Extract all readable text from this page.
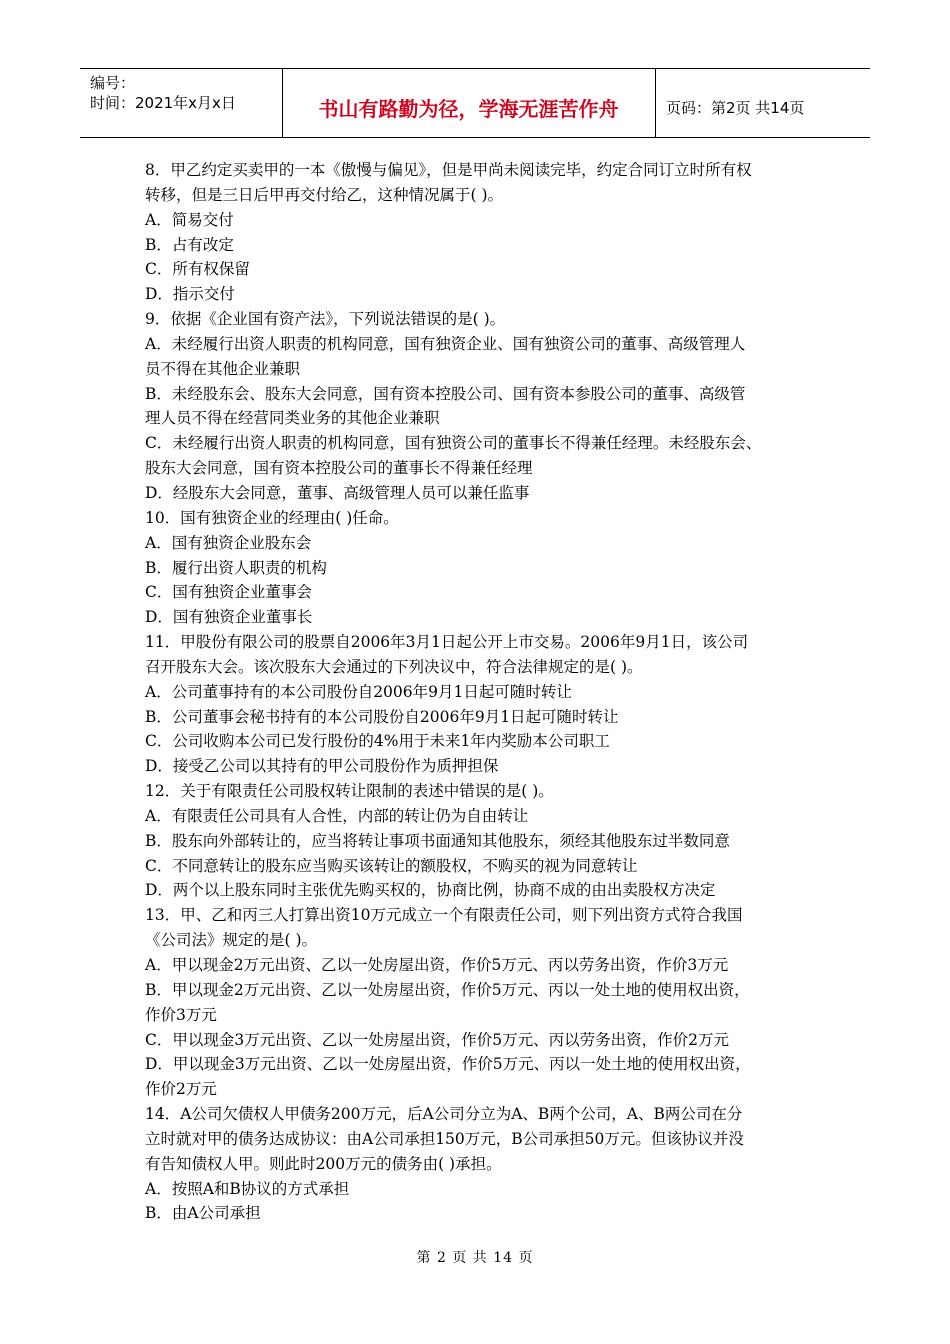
编号：
时间：2021年x月x日	书山有路勤为径，学海无涯苦作舟	页码：第2页 共14页
8．甲乙约定买卖甲的一本《傲慢与偏见》，但是甲尚未阅读完毕，约定合同订立时所有权
转移，但是三日后甲再交付给乙，这种情况属于( )。
A．简易交付
B．占有改定
C．所有权保留
D．指示交付
9．依据《企业国有资产法》，下列说法错误的是( )。
A．未经履行出资人职责的机构同意，国有独资企业、国有独资公司的董事、高级管理人
员不得在其他企业兼职
B．未经股东会、股东大会同意，国有资本控股公司、国有资本参股公司的董事、高级管
理人员不得在经营同类业务的其他企业兼职
C．未经履行出资人职责的机构同意，国有独资公司的董事长不得兼任经理。未经股东会、
股东大会同意，国有资本控股公司的董事长不得兼任经理
D．经股东大会同意，董事、高级管理人员可以兼任监事
10．国有独资企业的经理由( )任命。
A．国有独资企业股东会
B．履行出资人职责的机构
C．国有独资企业董事会
D．国有独资企业董事长
11．甲股份有限公司的股票自2006年3月1日起公开上市交易。2006年9月1日，该公司
召开股东大会。该次股东大会通过的下列决议中，符合法律规定的是( )。
A．公司董事持有的本公司股份自2006年9月1日起可随时转让
B．公司董事会秘书持有的本公司股份自2006年9月1日起可随时转让
C．公司收购本公司已发行股份的4%用于未来1年内奖励本公司职工
D．接受乙公司以其持有的甲公司股份作为质押担保
12．关于有限责任公司股权转让限制的表述中错误的是( )。
A．有限责任公司具有人合性，内部的转让仍为自由转让
B．股东向外部转让的，应当将转让事项书面通知其他股东，须经其他股东过半数同意
C．不同意转让的股东应当购买该转让的额股权，不购买的视为同意转让
D．两个以上股东同时主张优先购买权的，协商比例，协商不成的由出卖股权方决定
13．甲、乙和丙三人打算出资10万元成立一个有限责任公司，则下列出资方式符合我国
《公司法》规定的是( )。
A．甲以现金2万元出资、乙以一处房屋出资，作价5万元、丙以劳务出资，作价3万元
B．甲以现金2万元出资、乙以一处房屋出资，作价5万元、丙以一处土地的使用权出资，
作价3万元
C．甲以现金3万元出资、乙以一处房屋出资，作价5万元、丙以劳务出资，作价2万元
D．甲以现金3万元出资、乙以一处房屋出资，作价5万元、丙以一处土地的使用权出资，
作价2万元
14．A公司欠债权人甲债务200万元，后A公司分立为A、B两个公司，A、B两公司在分
立时就对甲的债务达成协议：由A公司承担150万元，B公司承担50万元。但该协议并没
有告知债权人甲。则此时200万元的债务由( )承担。
A．按照A和B协议的方式承担
B．由A公司承担
第 2 页 共 14 页
